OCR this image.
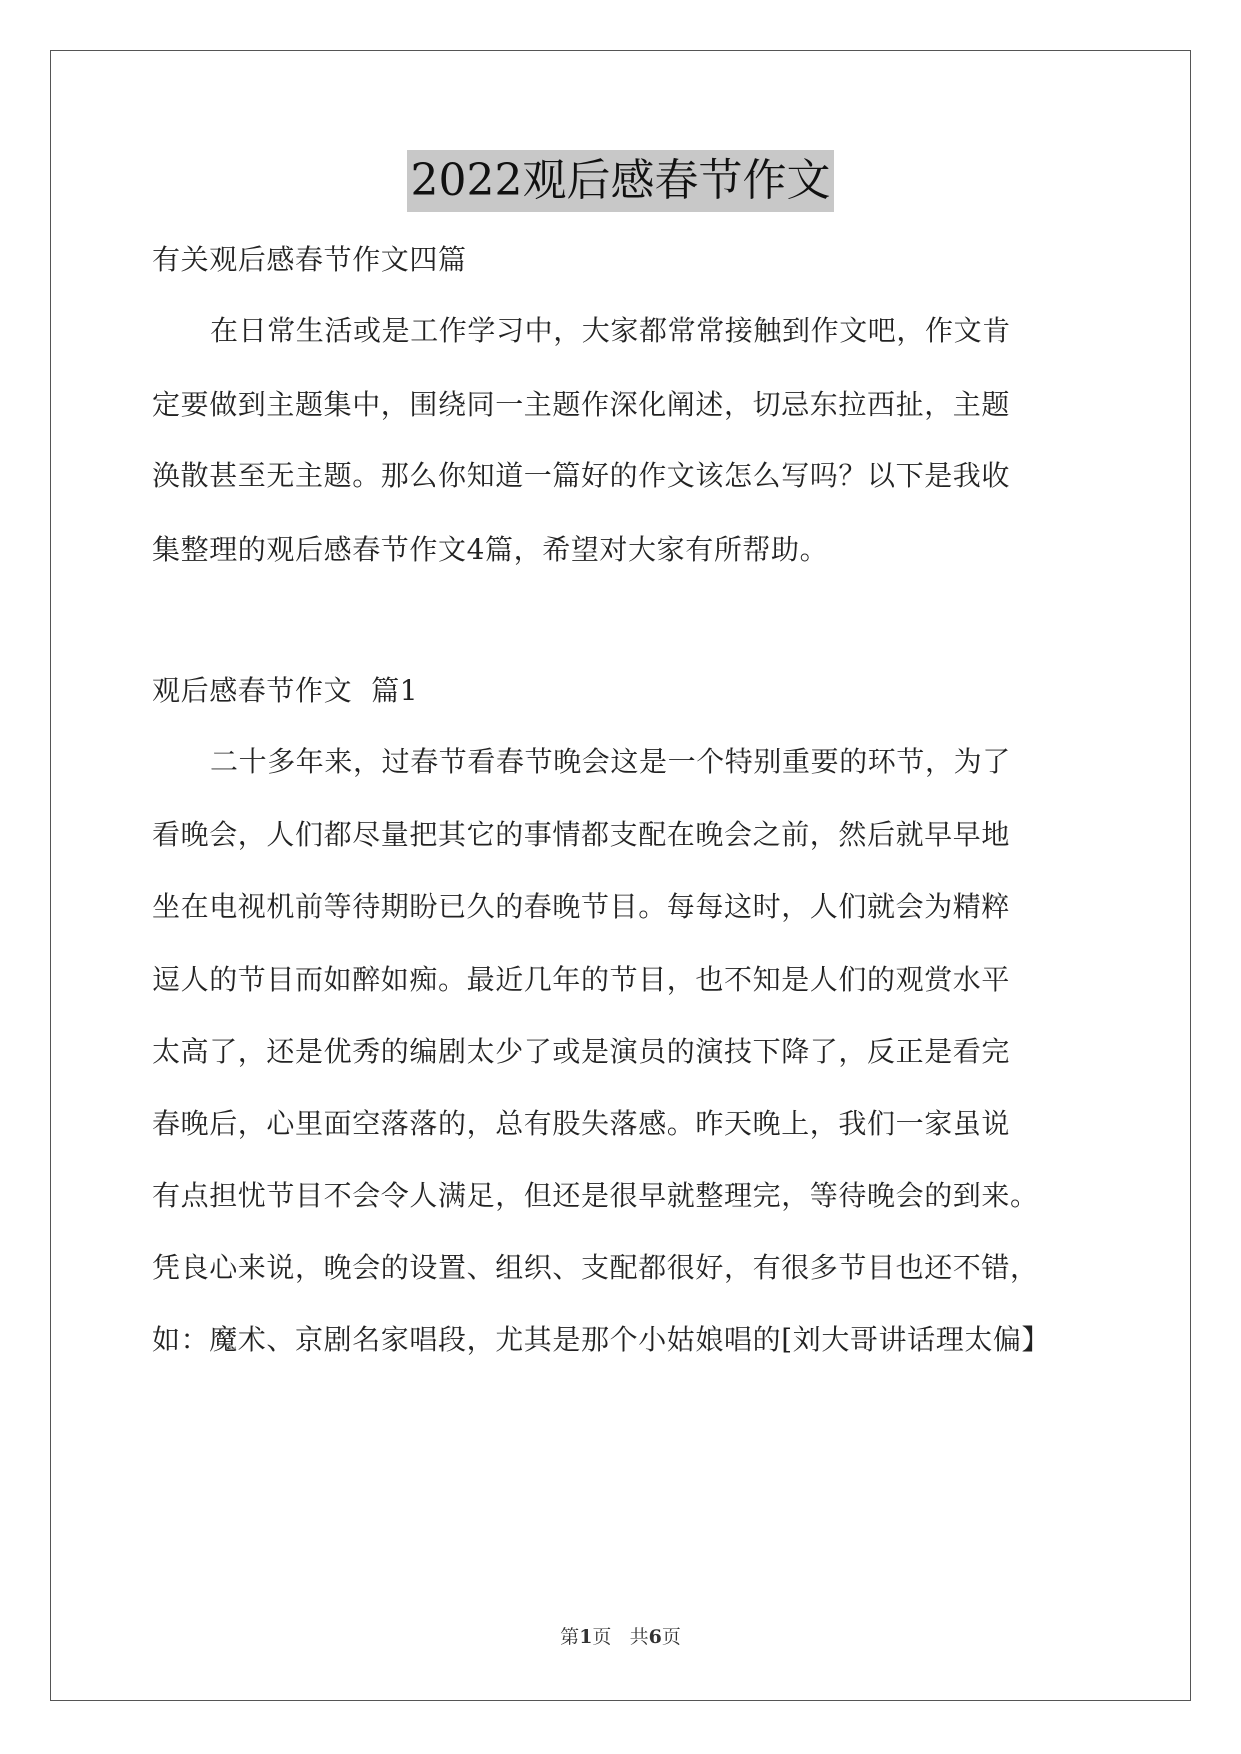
2022观后感春节作文
有关观后感春节作文四篇
在日常生活或是工作学习中，大家都常常接触到作文吧，作文肯
定要做到主题集中，围绕同一主题作深化阐述，切忌东拉西扯，主题
涣散甚至无主题。那么你知道一篇好的作文该怎么写吗？以下是我收
集整理的观后感春节作文4篇，希望对大家有所帮助。
观后感春节作文  篇1
二十多年来，过春节看春节晚会这是一个特别重要的环节，为了
看晚会，人们都尽量把其它的事情都支配在晚会之前，然后就早早地
坐在电视机前等待期盼已久的春晚节目。每每这时，人们就会为精粹
逗人的节目而如醉如痴。最近几年的节目，也不知是人们的观赏水平
太高了，还是优秀的编剧太少了或是演员的演技下降了，反正是看完
春晚后，心里面空落落的，总有股失落感。昨天晚上，我们一家虽说
有点担忧节目不会令人满足，但还是很早就整理完，等待晚会的到来。
凭良心来说，晚会的设置、组织、支配都很好，有很多节目也还不错，
如：魔术、京剧名家唱段，尤其是那个小姑娘唱的[刘大哥讲话理太偏】
第1页 共6页
